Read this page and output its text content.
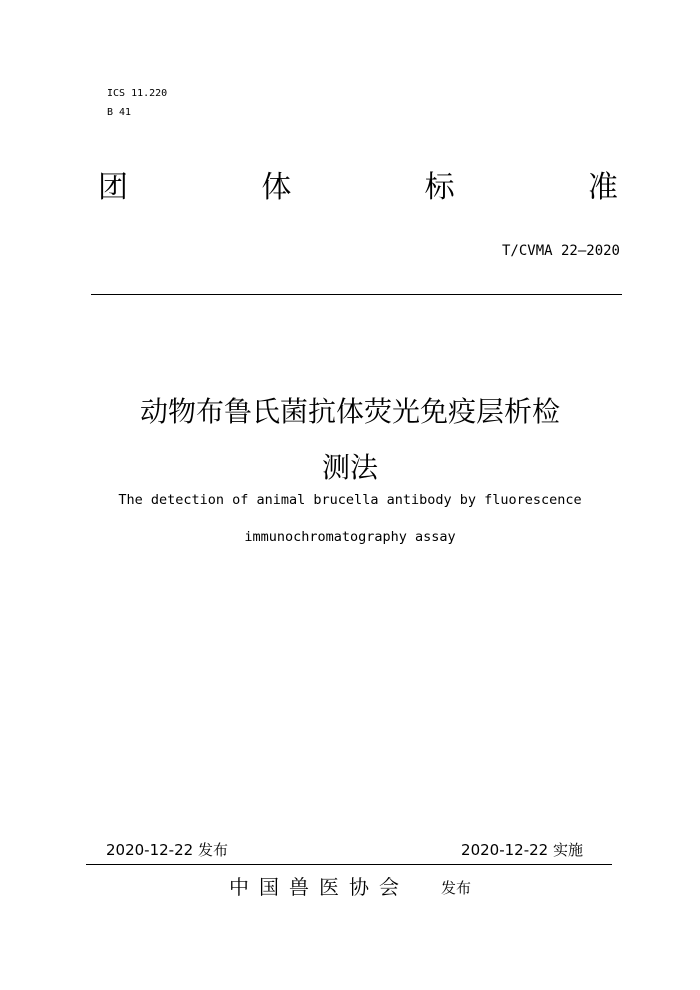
ICS 11.220
B 41
团	体	标	准
T/CVMA 22—2020
动物布鲁氏菌抗体荧光免疫层析检
测法
The detection of animal brucella antibody by fluorescence
immunochromatography assay
2020-12-22 发布	2020-12-22 实施
中国兽医协会 发布
